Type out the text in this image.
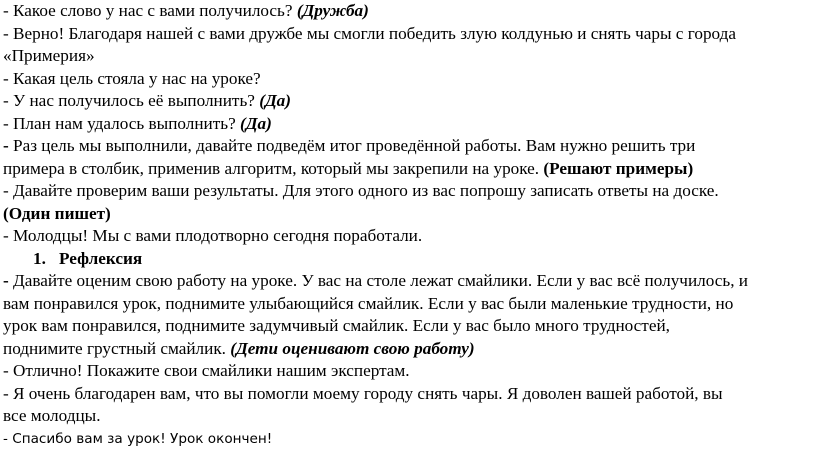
- Какое слово у нас с вами получилось? (Дружба)

- Верно! Благодаря нашей с вами дружбе мы смогли победить злую колдунью и снять чары с города

«Примерия»

- Какая цель стояла у нас на уроке?

- У нас получилось её выполнить? (Да)

- План нам удалось выполнить? (Да)

- Раз цель мы выполнили, давайте подведём итог проведённой работы. Вам нужно решить три

примера в столбик, применив алгоритм, который мы закрепили на уроке. (Решают примеры)

- Давайте проверим ваши результаты. Для этого одного из вас попрошу записать ответы на доске.

(Один пишет)

- Молодцы! Мы с вами плодотворно сегодня поработали.

1. Рефлексия

- Давайте оценим свою работу на уроке. У вас на столе лежат смайлики. Если у вас всё получилось, и

вам понравился урок, поднимите улыбающийся смайлик. Если у вас были маленькие трудности, но

урок вам понравился, поднимите задумчивый смайлик. Если у вас было много трудностей,

поднимите грустный смайлик. (Дети оценивают свою работу)

- Отлично! Покажите свои смайлики нашим экспертам.

- Я очень благодарен вам, что вы помогли моему городу снять чары. Я доволен вашей работой, вы

все молодцы.

- Спасибо вам за урок! Урок окончен!
